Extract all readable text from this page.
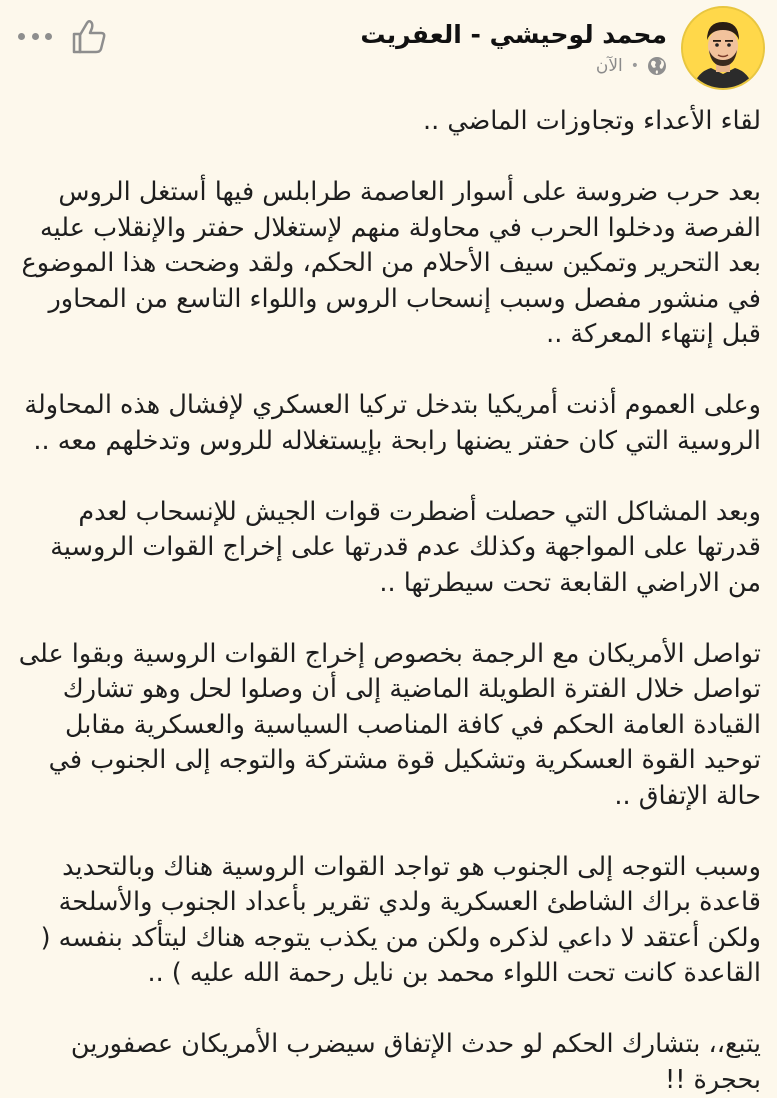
محمد لوحيشي - العفريت
الآن •

لقاء الأعداء وتجاوزات الماضي ..

بعد حرب ضروسة على أسوار العاصمة طرابلس فيها أستغل الروس الفرصة ودخلوا الحرب في محاولة منهم لإستغلال حفتر والإنقلاب عليه بعد التحرير وتمكين سيف الأحلام من الحكم، ولقد وضحت هذا الموضوع في منشور مفصل وسبب إنسحاب الروس واللواء التاسع من المحاور قبل إنتهاء المعركة ..

وعلى العموم أذنت أمريكيا بتدخل تركيا العسكري لإفشال هذه المحاولة الروسية التي كان حفتر يضنها رابحة بإيستغلاله للروس وتدخلهم معه ..

وبعد المشاكل التي حصلت أضطرت قوات الجيش للإنسحاب لعدم قدرتها على المواجهة وكذلك عدم قدرتها على إخراج القوات الروسية من الاراضي القابعة تحت سيطرتها ..

تواصل الأمريكان مع الرجمة بخصوص إخراج القوات الروسية وبقوا على تواصل خلال الفترة الطويلة الماضية إلى أن وصلوا لحل وهو تشارك القيادة العامة الحكم في كافة المناصب السياسية والعسكرية مقابل توحيد القوة العسكرية وتشكيل قوة مشتركة والتوجه إلى الجنوب في حالة الإتفاق ..

وسبب التوجه إلى الجنوب هو تواجد القوات الروسية هناك وبالتحديد قاعدة براك الشاطئ العسكرية ولدي تقرير بأعداد الجنوب والأسلحة ولكن أعتقد لا داعي لذكره ولكن من يكذب يتوجه هناك ليتأكد بنفسه ( القاعدة كانت تحت اللواء محمد بن نايل رحمة الله عليه ) ..

يتبع،، بتشارك الحكم لو حدث الإتفاق سيضرب الأمريكان عصفورين بحجرة !!
